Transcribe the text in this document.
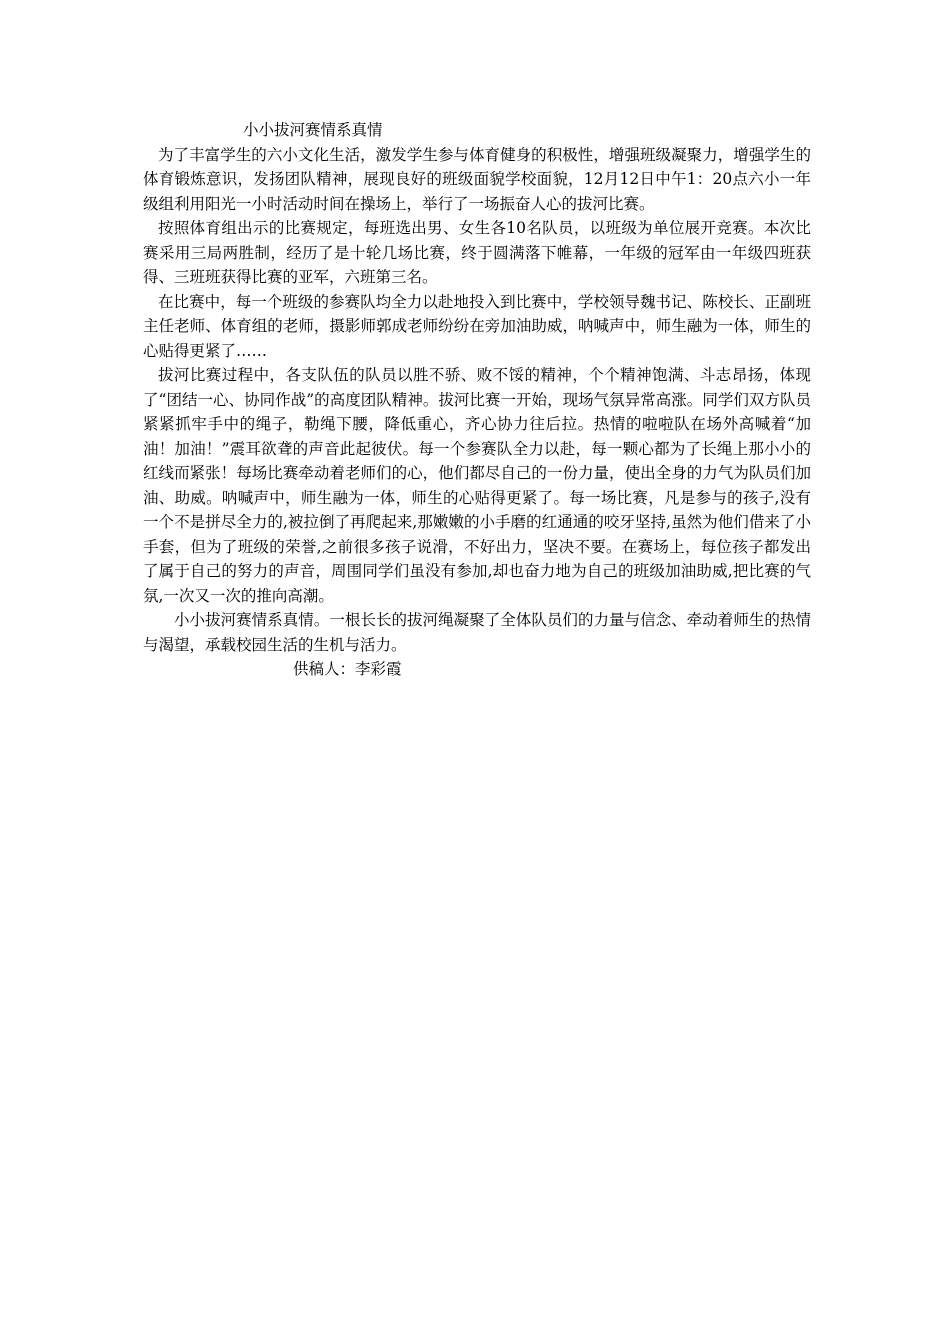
小小拔河赛情系真情

为了丰富学生的六小文化生活，激发学生参与体育健身的积极性，增强班级凝聚力，增强学生的体育锻炼意识，发扬团队精神，展现良好的班级面貌学校面貌，12月12日中午1：20点六小一年级组利用阳光一小时活动时间在操场上，举行了一场振奋人心的拔河比赛。

按照体育组出示的比赛规定，每班选出男、女生各10名队员，以班级为单位展开竞赛。本次比赛采用三局两胜制，经历了是十轮几场比赛，终于圆满落下帷幕，一年级的冠军由一年级四班获得、三班班获得比赛的亚军，六班第三名。

在比赛中，每一个班级的参赛队均全力以赴地投入到比赛中，学校领导魏书记、陈校长、正副班主任老师、体育组的老师，摄影师郭成老师纷纷在旁加油助威，呐喊声中，师生融为一体，师生的心贴得更紧了……

拔河比赛过程中，各支队伍的队员以胜不骄、败不馁的精神，个个精神饱满、斗志昂扬，体现了“团结一心、协同作战”的高度团队精神。拔河比赛一开始，现场气氛异常高涨。同学们双方队员紧紧抓牢手中的绳子，勒绳下腰，降低重心，齐心协力往后拉。热情的啦啦队在场外高喊着“加油！加油！”震耳欲聋的声音此起彼伏。每一个参赛队全力以赴，每一颗心都为了长绳上那小小的红线而紧张！每场比赛牵动着老师们的心，他们都尽自己的一份力量，使出全身的力气为队员们加油、助威。呐喊声中，师生融为一体，师生的心贴得更紧了。每一场比赛，凡是参与的孩子,没有一个不是拼尽全力的,被拉倒了再爬起来,那嫩嫩的小手磨的红通通的咬牙坚持,虽然为他们借来了小手套，但为了班级的荣誉,之前很多孩子说滑，不好出力，坚决不要。在赛场上，每位孩子都发出了属于自己的努力的声音，周围同学们虽没有参加,却也奋力地为自己的班级加油助威,把比赛的气氛,一次又一次的推向高潮。

小小拔河赛情系真情。一根长长的拔河绳凝聚了全体队员们的力量与信念、牵动着师生的热情与渴望，承载校园生活的生机与活力。

供稿人：李彩霞
